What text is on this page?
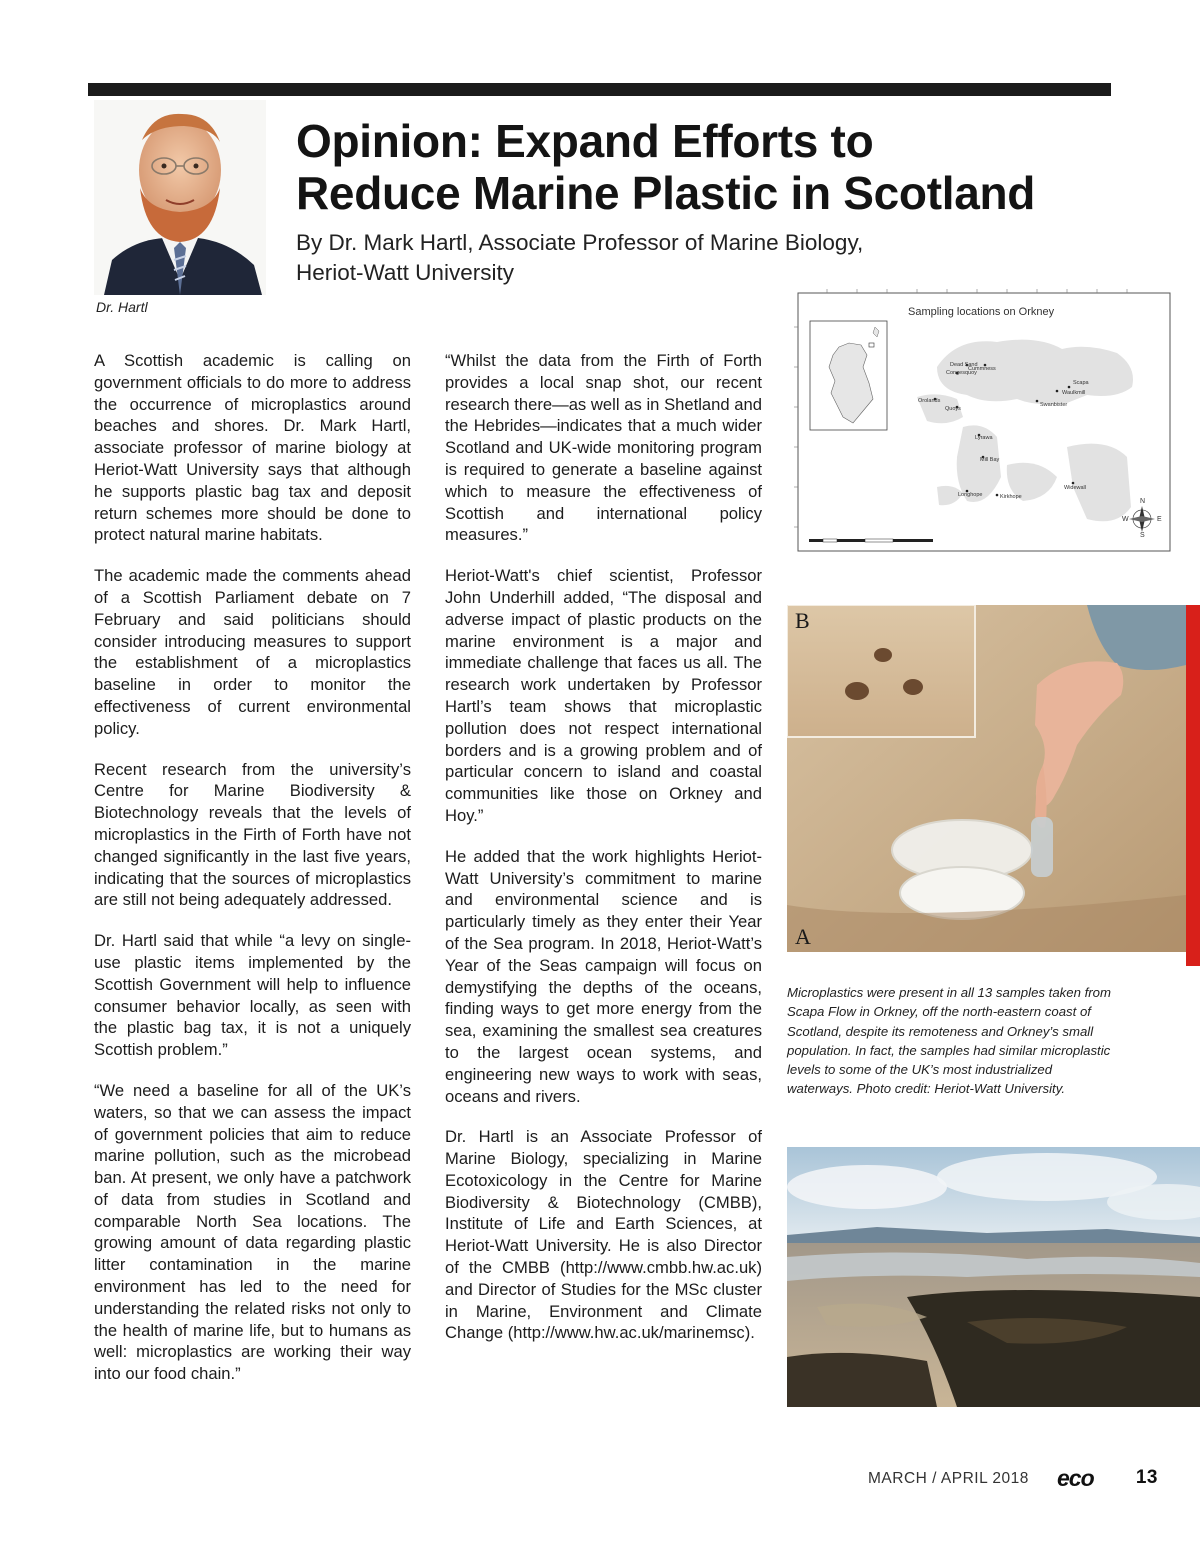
Dr. Hartl
Opinion: Expand Efforts to
Reduce Marine Plastic in Scotland
By Dr. Mark Hartl, Associate Professor of Marine Biology,
Heriot-Watt University

A Scottish academic is calling on government officials to do more to address the occurrence of microplastics around beaches and shores. Dr. Mark Hartl, associate professor of marine biology at Heriot-Watt University says that although he supports plastic bag tax and deposit return schemes more should be done to protect natural marine habitats.

The academic made the comments ahead of a Scottish Parliament debate on 7 February and said politicians should consider introducing measures to support the establishment of a microplastics baseline in order to monitor the effectiveness of current environmental policy.

Recent research from the university’s Centre for Marine Biodiversity & Biotechnology reveals that the levels of microplastics in the Firth of Forth have not changed significantly in the last five years, indicating that the sources of microplastics are still not being adequately addressed.

Dr. Hartl said that while “a levy on single-use plastic items implemented by the Scottish Government will help to influence consumer behavior locally, as seen with the plastic bag tax, it is not a uniquely Scottish problem.”

“We need a baseline for all of the UK’s waters, so that we can assess the impact of government policies that aim to reduce marine pollution, such as the microbead ban. At present, we only have a patchwork of data from studies in Scotland and comparable North Sea locations. The growing amount of data regarding plastic litter contamination in the marine environment has led to the need for understanding the related risks not only to the health of marine life, but to humans as well: microplastics are working their way into our food chain.”

“Whilst the data from the Firth of Forth provides a local snap shot, our recent research there—as well as in Shetland and the Hebrides—indicates that a much wider Scotland and UK-wide monitoring program is required to generate a baseline against which to measure the effectiveness of Scottish and international policy measures.”

Heriot-Watt's chief scientist, Professor John Underhill added, “The disposal and adverse impact of plastic products on the marine environment is a major and immediate challenge that faces us all. The research work undertaken by Professor Hartl’s team shows that microplastic pollution does not respect international borders and is a growing problem and of particular concern to island and coastal communities like those on Orkney and Hoy.”

He added that the work highlights Heriot-Watt University’s commitment to marine and environmental science and is particularly timely as they enter their Year of the Sea program. In 2018, Heriot-Watt’s Year of the Seas campaign will focus on demystifying the depths of the oceans, finding ways to get more energy from the sea, examining the smallest sea creatures to the largest ocean systems, and engineering new ways to work with seas, oceans and rivers.

Dr. Hartl is an Associate Professor of Marine Biology, specializing in Marine Ecotoxicology in the Centre for Marine Biodiversity & Biotechnology (CMBB), Institute of Life and Earth Sciences, at Heriot-Watt University. He is also Director of the CMBB (http://www.cmbb.hw.ac.uk) and Director of Studies for the MSc cluster in Marine, Environment and Climate Change (http://www.hw.ac.uk/marinemsc).

Sampling locations on Orkney
Dead Sand
Cummness
Congesquoy
Scapa
Waulkmill
Swanbister
Orolands
Quoys
Lyrawa
Mill Bay
Longhope	Kirkhope
Widewall
N
S
E
W
B
A

Microplastics were present in all 13 samples taken from Scapa Flow in Orkney, off the north-eastern coast of Scotland, despite its remoteness and Orkney’s small population. In fact, the samples had similar microplastic levels to some of the UK’s most industrialized waterways. Photo credit: Heriot-Watt University.

MARCH / APRIL 2018 eco 13
